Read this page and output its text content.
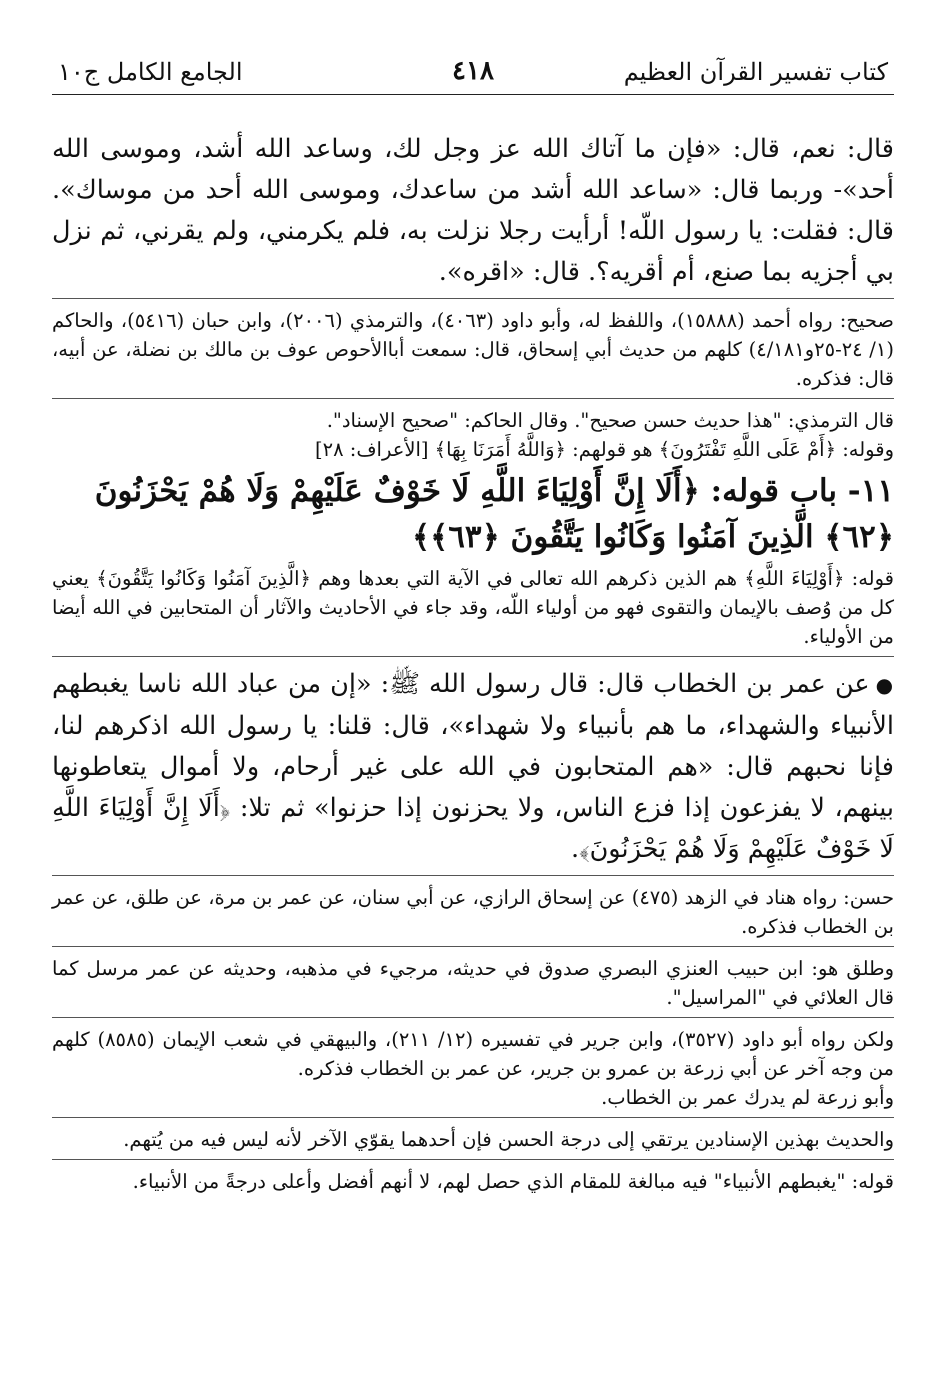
كتاب تفسير القرآن العظيم
٤١٨
الجامع الكامل ج١٠

قال: نعم، قال: «فإن ما آتاك الله عز وجل لك، وساعد الله أشد، وموسى الله أحد»- وربما قال: «ساعد الله أشد من ساعدك، وموسى الله أحد من موساك». قال: فقلت: يا رسول اللّه! أرأيت رجلا نزلت به، فلم يكرمني، ولم يقرني، ثم نزل بي أجزيه بما صنع، أم أقريه؟. قال: «اقره».

صحيح: رواه أحمد (١٥٨٨٨)، واللفظ له، وأبو داود (٤٠٦٣)، والترمذي (٢٠٠٦)، وابن حبان (٥٤١٦)، والحاكم (١/ ٢٤-٢٥و٤/١٨١) كلهم من حديث أبي إسحاق، قال: سمعت أباالأحوص عوف بن مالك بن نضلة، عن أبيه، قال: فذكره.

قال الترمذي: "هذا حديث حسن صحيح". وقال الحاكم: "صحيح الإسناد".

وقوله: ﴿أَمْ عَلَى اللَّهِ تَفْتَرُونَ﴾ هو قولهم: ﴿وَاللَّهُ أَمَرَنَا بِهَا﴾ [الأعراف: ٢٨]

١١- باب قوله: ﴿أَلَا إِنَّ أَوْلِيَاءَ اللَّهِ لَا خَوْفٌ عَلَيْهِمْ وَلَا هُمْ يَحْزَنُونَ ﴿٦٢﴾ الَّذِينَ آمَنُوا وَكَانُوا يَتَّقُونَ ﴿٦٣﴾﴾

قوله: ﴿أَوْلِيَاءَ اللَّهِ﴾ هم الذين ذكرهم الله تعالى في الآية التي بعدها وهم ﴿الَّذِينَ آمَنُوا وَكَانُوا يَتَّقُونَ﴾ يعني كل من وُصف بالإيمان والتقوى فهو من أولياء اللّه، وقد جاء في الأحاديث والآثار أن المتحابين في الله أيضا من الأولياء.

●عن عمر بن الخطاب قال: قال رسول الله ﷺ: «إن من عباد الله ناسا يغبطهم الأنبياء والشهداء، ما هم بأنبياء ولا شهداء»، قال: قلنا: يا رسول الله اذكرهم لنا، فإنا نحبهم قال: «هم المتحابون في الله على غير أرحام، ولا أموال يتعاطونها بينهم، لا يفزعون إذا فزع الناس، ولا يحزنون إذا حزنوا» ثم تلا: ﴿أَلَا إِنَّ أَوْلِيَاءَ اللَّهِ لَا خَوْفٌ عَلَيْهِمْ وَلَا هُمْ يَحْزَنُونَ﴾.

حسن: رواه هناد في الزهد (٤٧٥) عن إسحاق الرازي، عن أبي سنان، عن عمر بن مرة، عن طلق، عن عمر بن الخطاب فذكره.

وطلق هو: ابن حبيب العنزي البصري صدوق في حديثه، مرجيء في مذهبه، وحديثه عن عمر مرسل كما قال العلائي في "المراسيل".

ولكن رواه أبو داود (٣٥٢٧)، وابن جرير في تفسيره (١٢/ ٢١١)، والبيهقي في شعب الإيمان (٨٥٨٥) كلهم من وجه آخر عن أبي زرعة بن عمرو بن جرير، عن عمر بن الخطاب فذكره.

وأبو زرعة لم يدرك عمر بن الخطاب.

والحديث بهذين الإسنادين يرتقي إلى درجة الحسن فإن أحدهما يقوّي الآخر لأنه ليس فيه من يُتهم.

قوله: "يغبطهم الأنبياء" فيه مبالغة للمقام الذي حصل لهم، لا أنهم أفضل وأعلى درجةً من الأنبياء.
